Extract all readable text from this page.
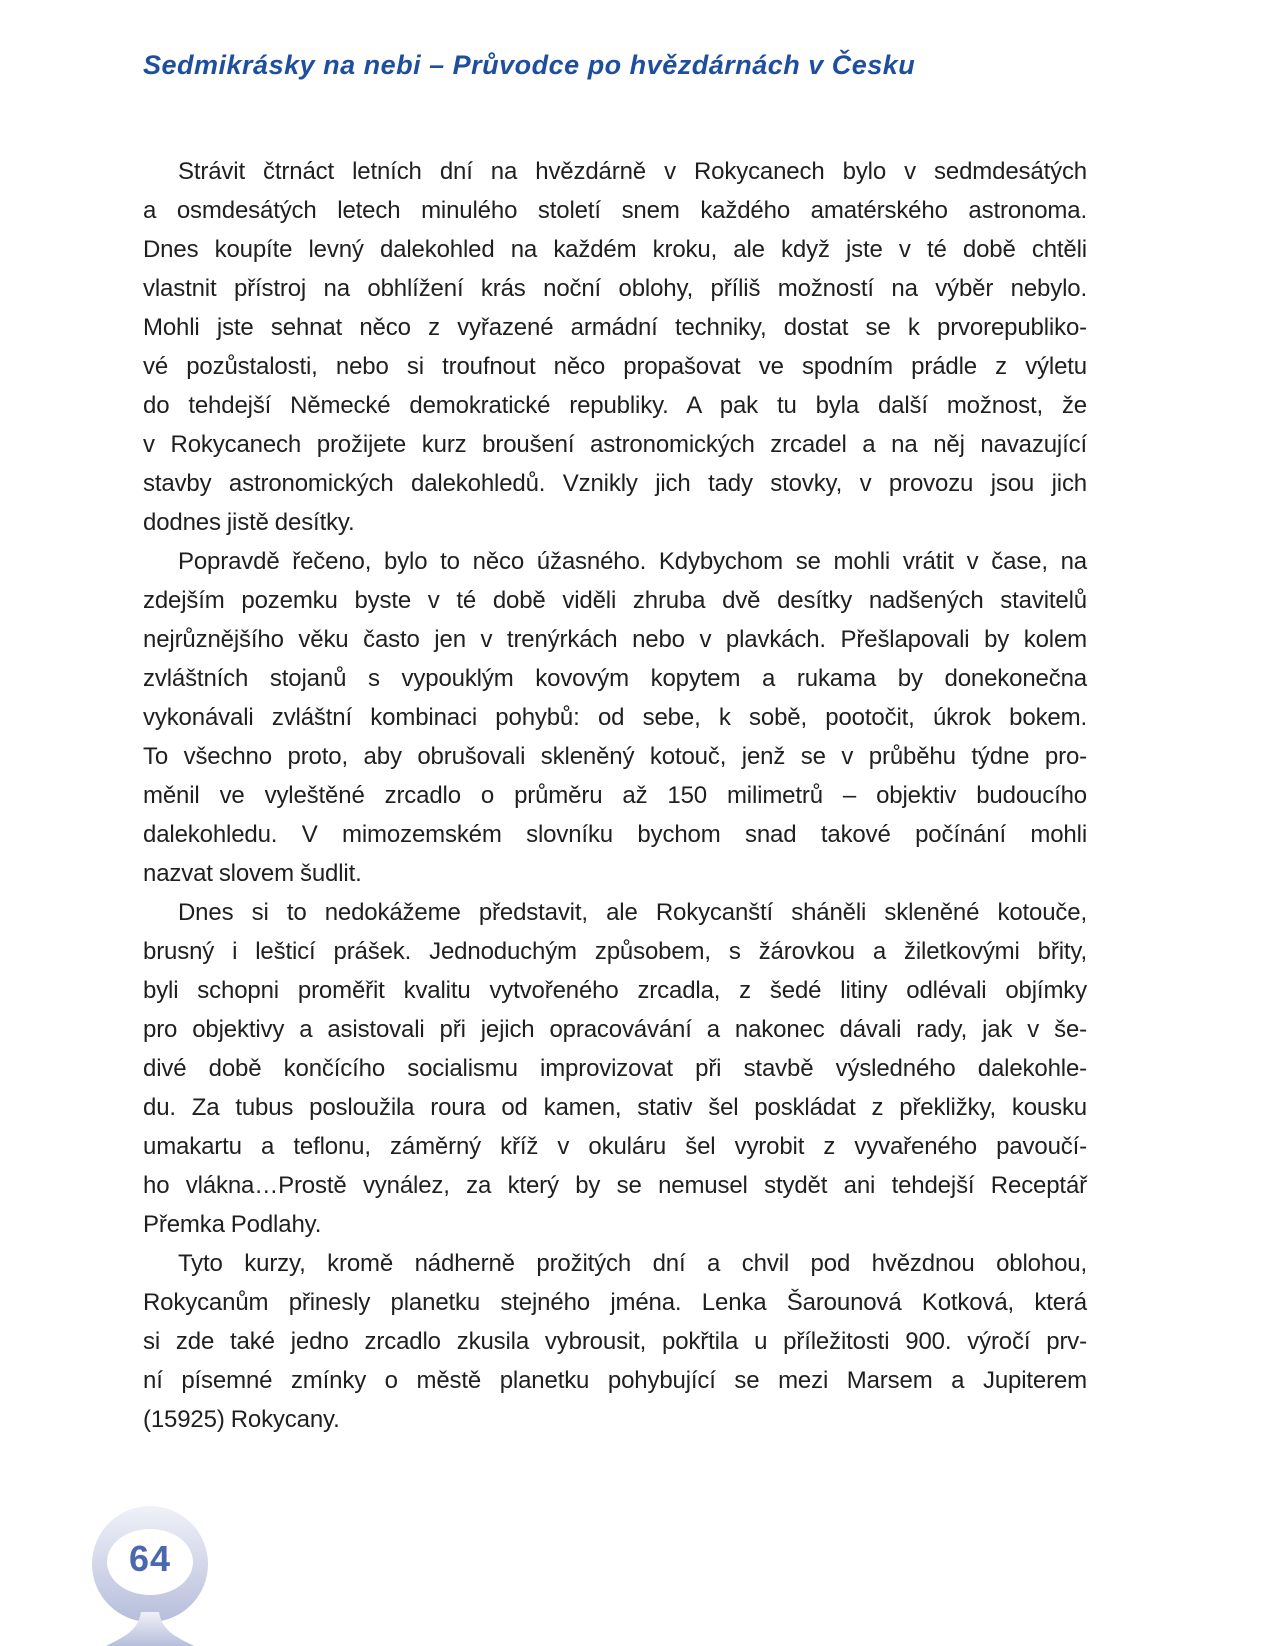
Sedmikrásky na nebi – Průvodce po hvězdárnách v Česku
Strávit čtrnáct letních dní na hvězdárně v Rokycanech bylo v sedmdesátých
a osmdesátých letech minulého století snem každého amatérského astronoma.
Dnes koupíte levný dalekohled na každém kroku, ale když jste v té době chtěli
vlastnit přístroj na obhlížení krás noční oblohy, příliš možností na výběr nebylo.
Mohli jste sehnat něco z vyřazené armádní techniky, dostat se k prvorepubliko-
vé pozůstalosti, nebo si troufnout něco propašovat ve spodním prádle z výletu
do tehdejší Německé demokratické republiky. A pak tu byla další možnost, že
v Rokycanech prožijete kurz broušení astronomických zrcadel a na něj navazující
stavby astronomických dalekohledů. Vznikly jich tady stovky, v provozu jsou jich
dodnes jistě desítky.
Popravdě řečeno, bylo to něco úžasného. Kdybychom se mohli vrátit v čase, na
zdejším pozemku byste v té době viděli zhruba dvě desítky nadšených stavitelů
nejrůznějšího věku často jen v trenýrkách nebo v plavkách. Přešlapovali by kolem
zvláštních stojanů s vypouklým kovovým kopytem a rukama by donekonečna
vykonávali zvláštní kombinaci pohybů: od sebe, k sobě, pootočit, úkrok bokem.
To všechno proto, aby obrušovali skleněný kotouč, jenž se v průběhu týdne pro-
měnil ve vyleštěné zrcadlo o průměru až 150 milimetrů – objektiv budoucího
dalekohledu. V mimozemském slovníku bychom snad takové počínání mohli
nazvat slovem šudlit.
Dnes si to nedokážeme představit, ale Rokycanští sháněli skleněné kotouče,
brusný i lešticí prášek. Jednoduchým způsobem, s žárovkou a žiletkovými břity,
byli schopni proměřit kvalitu vytvořeného zrcadla, z šedé litiny odlévali objímky
pro objektivy a asistovali při jejich opracovávání a nakonec dávali rady, jak v še-
divé době končícího socialismu improvizovat při stavbě výsledného dalekohle-
du. Za tubus posloužila roura od kamen, stativ šel poskládat z překližky, kousku
umakartu a teflonu, záměrný kříž v okuláru šel vyrobit z vyvařeného pavoučí-
ho vlákna…Prostě vynález, za který by se nemusel stydět ani tehdejší Receptář
Přemka Podlahy.
Tyto kurzy, kromě nádherně prožitých dní a chvil pod hvězdnou oblohou,
Rokycanům přinesly planetku stejného jména. Lenka Šarounová Kotková, která
si zde také jedno zrcadlo zkusila vybrousit, pokřtila u příležitosti 900. výročí prv-
ní písemné zmínky o městě planetku pohybující se mezi Marsem a Jupiterem
(15925) Rokycany.
64
